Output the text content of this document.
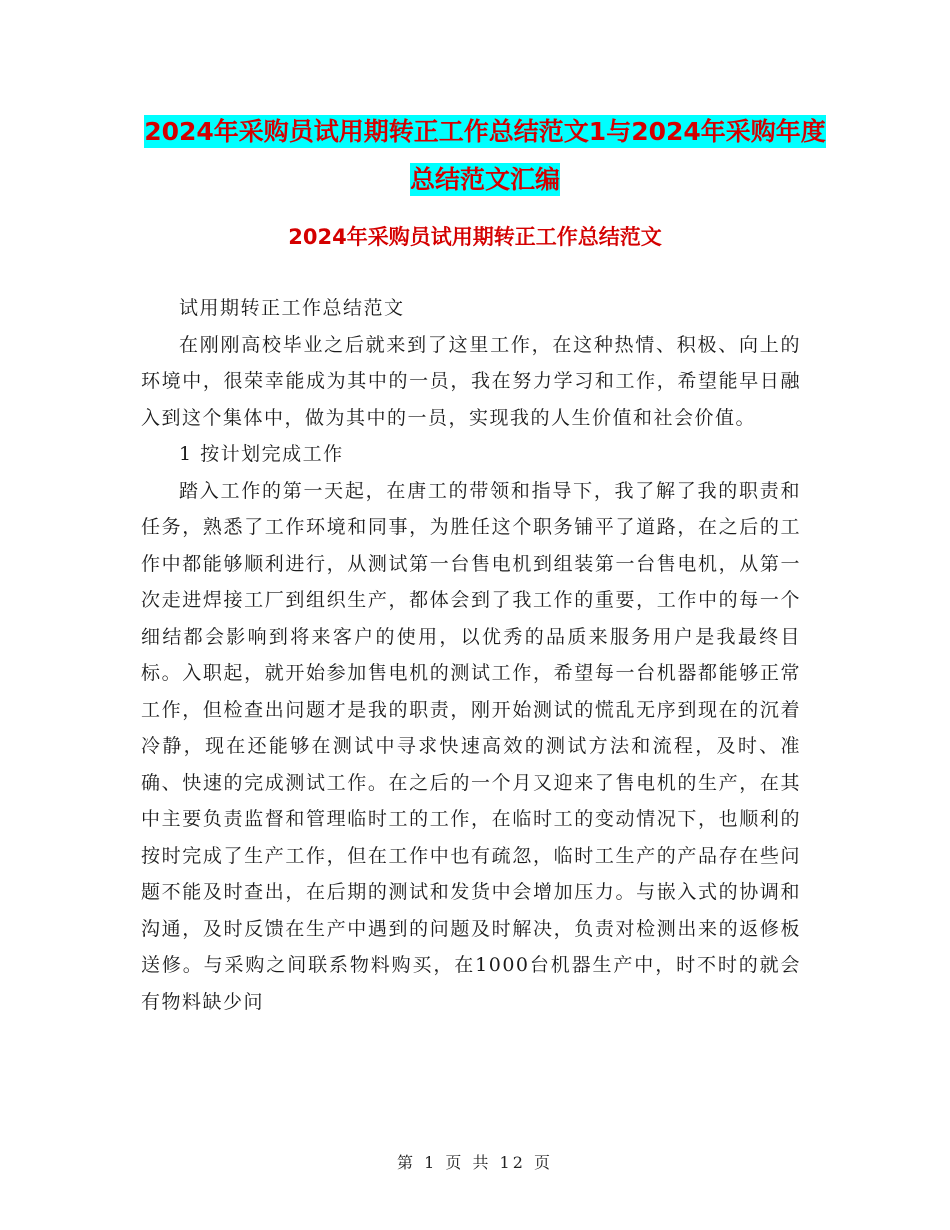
2024年采购员试用期转正工作总结范文1与2024年采购年度总结范文汇编
2024年采购员试用期转正工作总结范文

试用期转正工作总结范文

在刚刚高校毕业之后就来到了这里工作，在这种热情、积极、向上的环境中，很荣幸能成为其中的一员，我在努力学习和工作，希望能早日融入到这个集体中，做为其中的一员，实现我的人生价值和社会价值。

1 按计划完成工作

踏入工作的第一天起，在唐工的带领和指导下，我了解了我的职责和任务，熟悉了工作环境和同事，为胜任这个职务铺平了道路，在之后的工作中都能够顺利进行，从测试第一台售电机到组装第一台售电机，从第一次走进焊接工厂到组织生产，都体会到了我工作的重要，工作中的每一个细结都会影响到将来客户的使用，以优秀的品质来服务用户是我最终目标。入职起，就开始参加售电机的测试工作，希望每一台机器都能够正常工作，但检查出问题才是我的职责，刚开始测试的慌乱无序到现在的沉着冷静，现在还能够在测试中寻求快速高效的测试方法和流程，及时、准确、快速的完成测试工作。在之后的一个月又迎来了售电机的生产，在其中主要负责监督和管理临时工的工作，在临时工的变动情况下，也顺利的按时完成了生产工作，但在工作中也有疏忽，临时工生产的产品存在些问题不能及时查出，在后期的测试和发货中会增加压力。与嵌入式的协调和沟通，及时反馈在生产中遇到的问题及时解决，负责对检测出来的返修板送修。与采购之间联系物料购买，在1000台机器生产中，时不时的就会有物料缺少问

第 1 页 共 12 页
